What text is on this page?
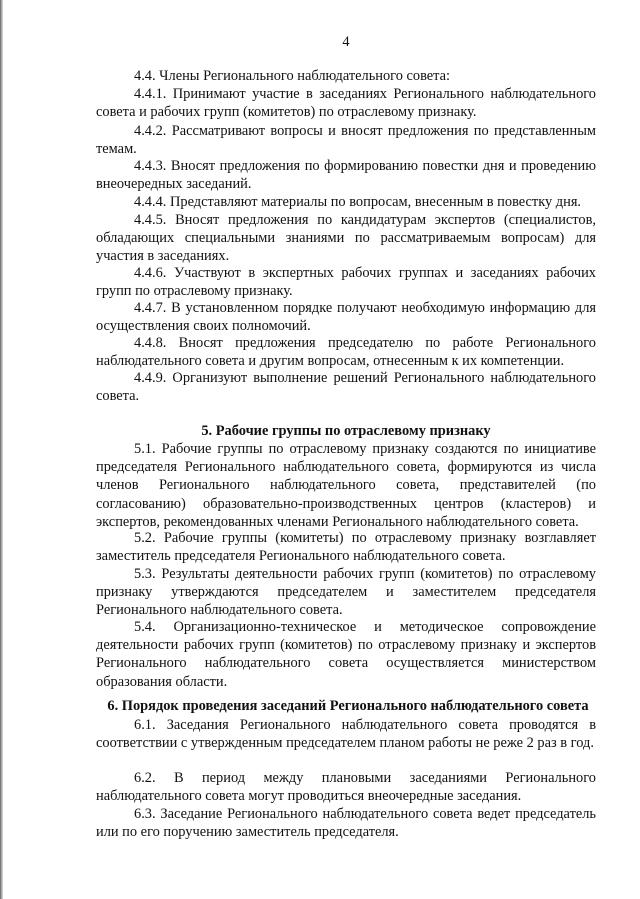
4

4.4. Члены Регионального наблюдательного совета:

4.4.1. Принимают участие в заседаниях Регионального наблюдательного совета и рабочих групп (комитетов) по отраслевому признаку.

4.4.2. Рассматривают вопросы и вносят предложения по представленным темам.

4.4.3. Вносят предложения по формированию повестки дня и проведению внеочередных заседаний.

4.4.4. Представляют материалы по вопросам, внесенным в повестку дня.

4.4.5. Вносят предложения по кандидатурам экспертов (специалистов, обладающих специальными знаниями по рассматриваемым вопросам) для участия в заседаниях.

4.4.6. Участвуют в экспертных рабочих группах и заседаниях рабочих групп по отраслевому признаку.

4.4.7. В установленном порядке получают необходимую информацию для осуществления своих полномочий.

4.4.8. Вносят предложения председателю по работе Регионального наблюдательного совета и другим вопросам, отнесенным к их компетенции.

4.4.9. Организуют выполнение решений Регионального наблюдательного совета.

5. Рабочие группы по отраслевому признаку

5.1. Рабочие группы по отраслевому признаку создаются по инициативе председателя Регионального наблюдательного совета, формируются из числа членов Регионального наблюдательного совета, представителей (по согласованию) образовательно-производственных центров (кластеров) и экспертов, рекомендованных членами Регионального наблюдательного совета.

5.2. Рабочие группы (комитеты) по отраслевому признаку возглавляет заместитель председателя Регионального наблюдательного совета.

5.3. Результаты деятельности рабочих групп (комитетов) по отраслевому признаку утверждаются председателем и заместителем председателя Регионального наблюдательного совета.

5.4. Организационно-техническое и методическое сопровождение деятельности рабочих групп (комитетов) по отраслевому признаку и экспертов Регионального наблюдательного совета осуществляется министерством образования области.

6. Порядок проведения заседаний Регионального наблюдательного совета

6.1. Заседания Регионального наблюдательного совета проводятся в соответствии с утвержденным председателем планом работы не реже 2 раз в год.

6.2. В период между плановыми заседаниями Регионального наблюдательного совета могут проводиться внеочередные заседания.

6.3. Заседание Регионального наблюдательного совета ведет председатель или по его поручению заместитель председателя.
